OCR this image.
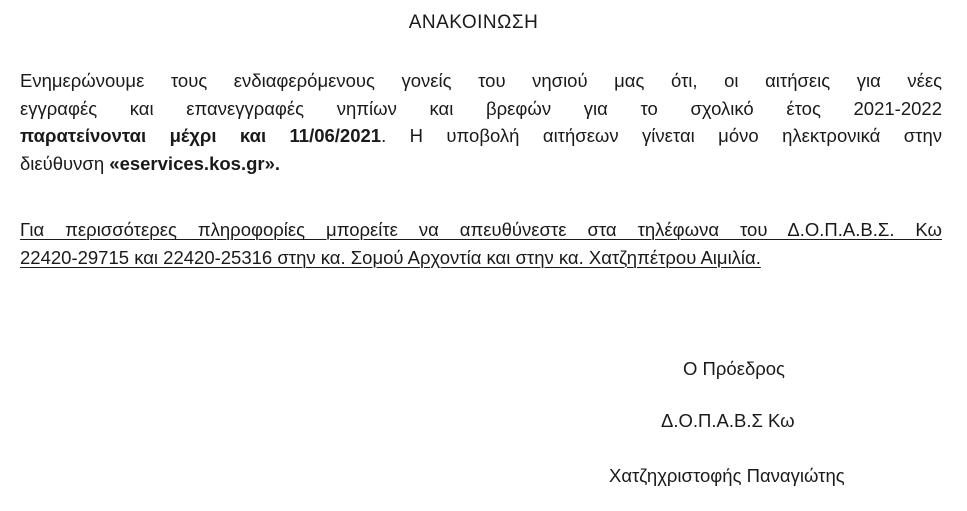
ΑΝΑΚΟΙΝΩΣΗ
Ενημερώνουμε τους ενδιαφερόμενους γονείς του νησιού μας ότι, οι αιτήσεις για νέες
εγγραφές και επανεγγραφές νηπίων και βρεφών για το σχολικό έτος 2021-2022
παρατείνονται μέχρι και 11/06/2021. Η υποβολή αιτήσεων γίνεται μόνο ηλεκτρονικά στην
διεύθυνση «eservices.kos.gr».
Για περισσότερες πληροφορίες μπορείτε να απευθύνεστε στα τηλέφωνα του Δ.Ο.Π.Α.Β.Σ. Κω
22420-29715 και 22420-25316 στην κα. Σομού Αρχοντία και στην κα. Χατζηπέτρου Αιμιλία.
Ο Πρόεδρος
Δ.Ο.Π.Α.Β.Σ Κω
Χατζηχριστοφής Παναγιώτης
